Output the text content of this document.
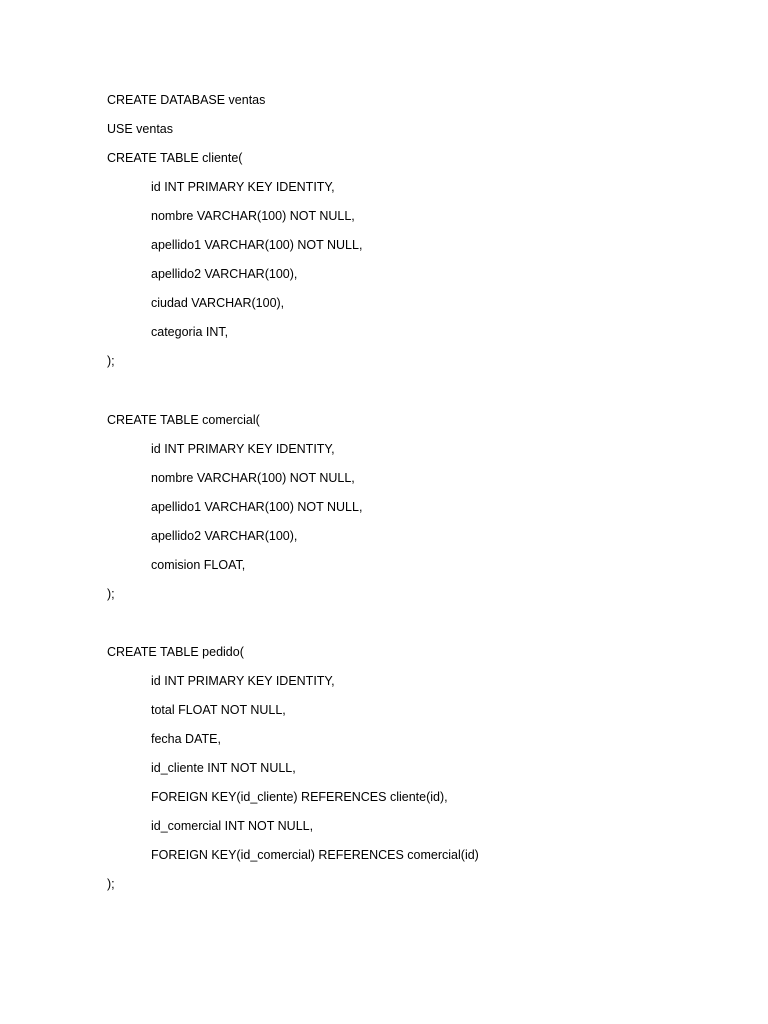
CREATE DATABASE ventas
USE ventas
CREATE TABLE cliente(
id INT PRIMARY KEY IDENTITY,
nombre VARCHAR(100) NOT NULL,
apellido1 VARCHAR(100) NOT NULL,
apellido2 VARCHAR(100),
ciudad VARCHAR(100),
categoria INT,
);
CREATE TABLE comercial(
id INT PRIMARY KEY IDENTITY,
nombre VARCHAR(100) NOT NULL,
apellido1 VARCHAR(100) NOT NULL,
apellido2 VARCHAR(100),
comision FLOAT,
);
CREATE TABLE pedido(
id INT PRIMARY KEY IDENTITY,
total FLOAT NOT NULL,
fecha DATE,
id_cliente INT NOT NULL,
FOREIGN KEY(id_cliente) REFERENCES cliente(id),
id_comercial INT NOT NULL,
FOREIGN KEY(id_comercial) REFERENCES comercial(id)
);
